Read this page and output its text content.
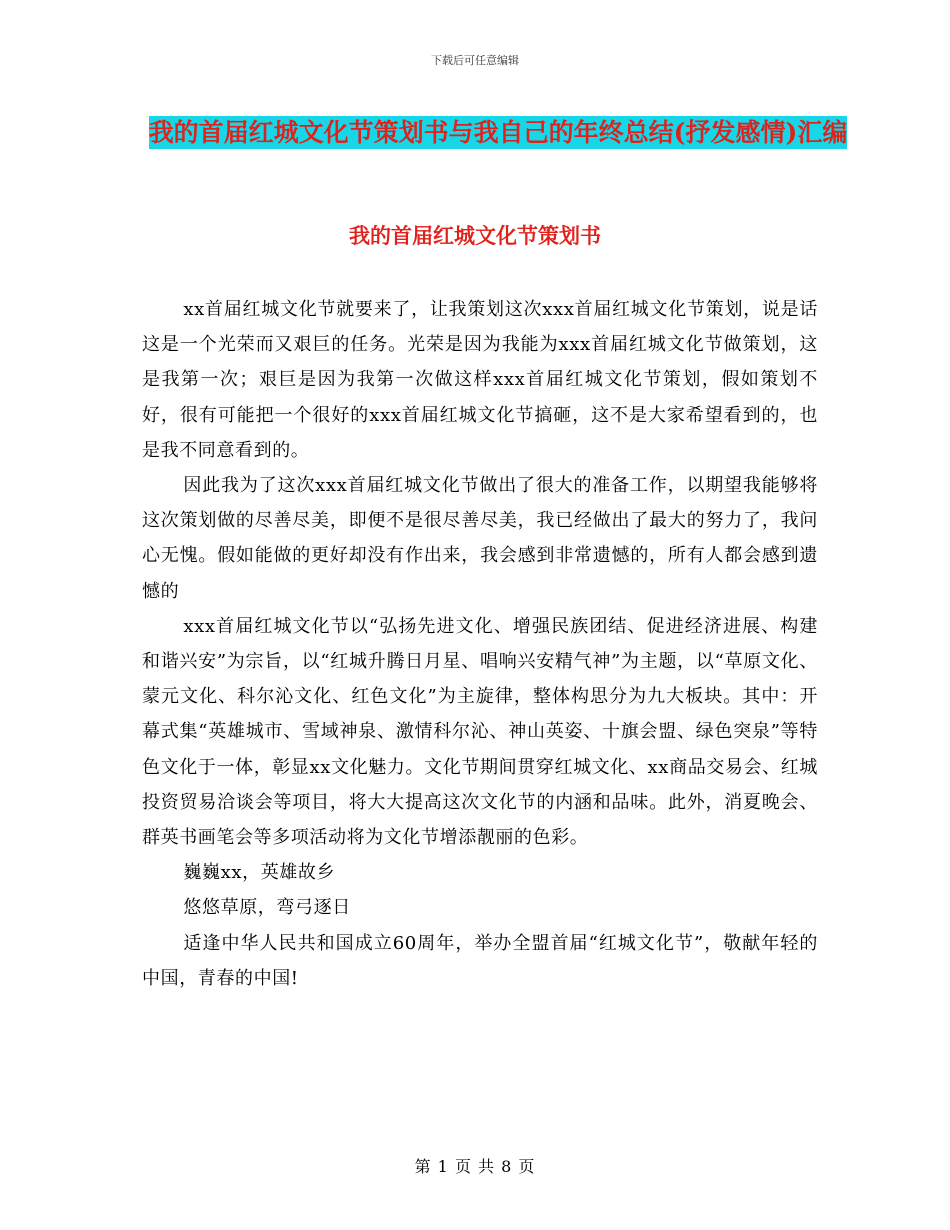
下载后可任意编辑
我的首届红城文化节策划书与我自己的年终总结(抒发感情)汇编
我的首届红城文化节策划书

xx首届红城文化节就要来了，让我策划这次xxx首届红城文化节策划，说是话这是一个光荣而又艰巨的任务。光荣是因为我能为xxx首届红城文化节做策划，这是我第一次；艰巨是因为我第一次做这样xxx首届红城文化节策划，假如策划不好，很有可能把一个很好的xxx首届红城文化节搞砸，这不是大家希望看到的，也是我不同意看到的。

因此我为了这次xxx首届红城文化节做出了很大的准备工作，以期望我能够将这次策划做的尽善尽美，即便不是很尽善尽美，我已经做出了最大的努力了，我问心无愧。假如能做的更好却没有作出来，我会感到非常遗憾的，所有人都会感到遗憾的

xxx首届红城文化节以“弘扬先进文化、增强民族团结、促进经济进展、构建和谐兴安”为宗旨，以“红城升腾日月星、唱响兴安精气神”为主题，以“草原文化、蒙元文化、科尔沁文化、红色文化”为主旋律，整体构思分为九大板块。其中：开幕式集“英雄城市、雪域神泉、激情科尔沁、神山英姿、十旗会盟、绿色突泉”等特色文化于一体，彰显xx文化魅力。文化节期间贯穿红城文化、xx商品交易会、红城投资贸易洽谈会等项目，将大大提高这次文化节的内涵和品味。此外，消夏晚会、群英书画笔会等多项活动将为文化节增添靓丽的色彩。

巍巍xx，英雄故乡

悠悠草原，弯弓逐日

适逢中华人民共和国成立60周年，举办全盟首届“红城文化节”，敬献年轻的中国，青春的中国!

第 1 页 共 8 页
